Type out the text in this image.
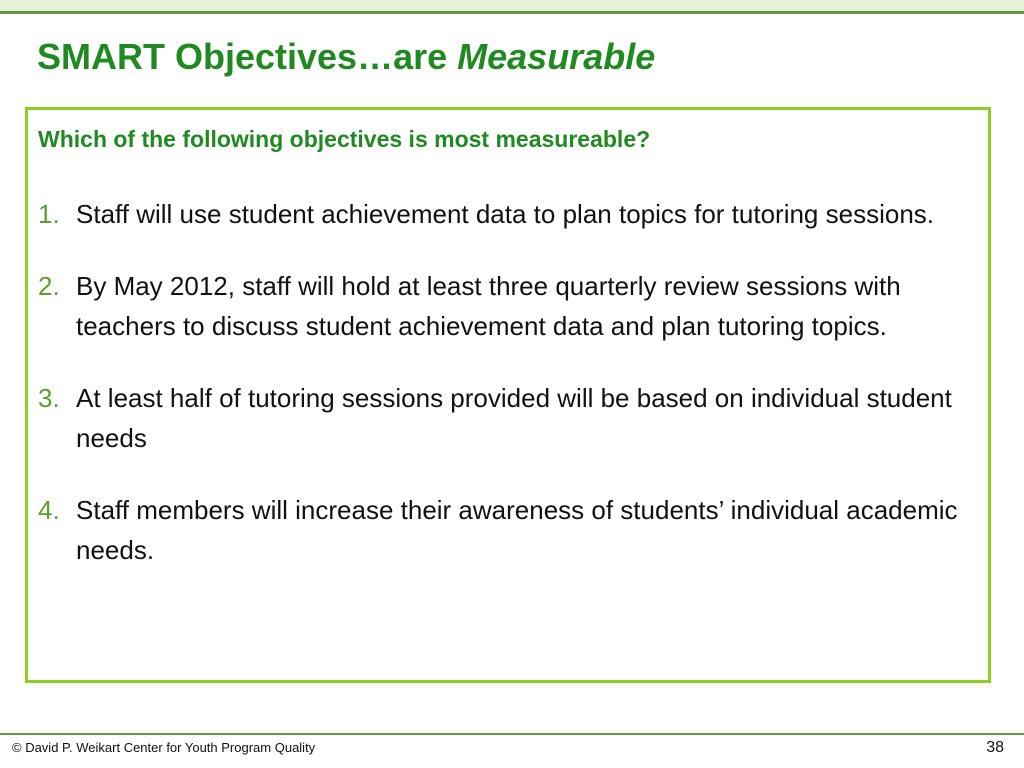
SMART Objectives…are Measurable

Which of the following objectives is most measureable?

1. Staff will use student achievement data to plan topics for tutoring sessions.
2. By May 2012, staff will hold at least three quarterly review sessions with teachers to discuss student achievement data and plan tutoring topics.
3. At least half of tutoring sessions provided will be based on individual student needs
4. Staff members will increase their awareness of students’ individual academic needs.
© David P. Weikart Center for Youth Program Quality	38
